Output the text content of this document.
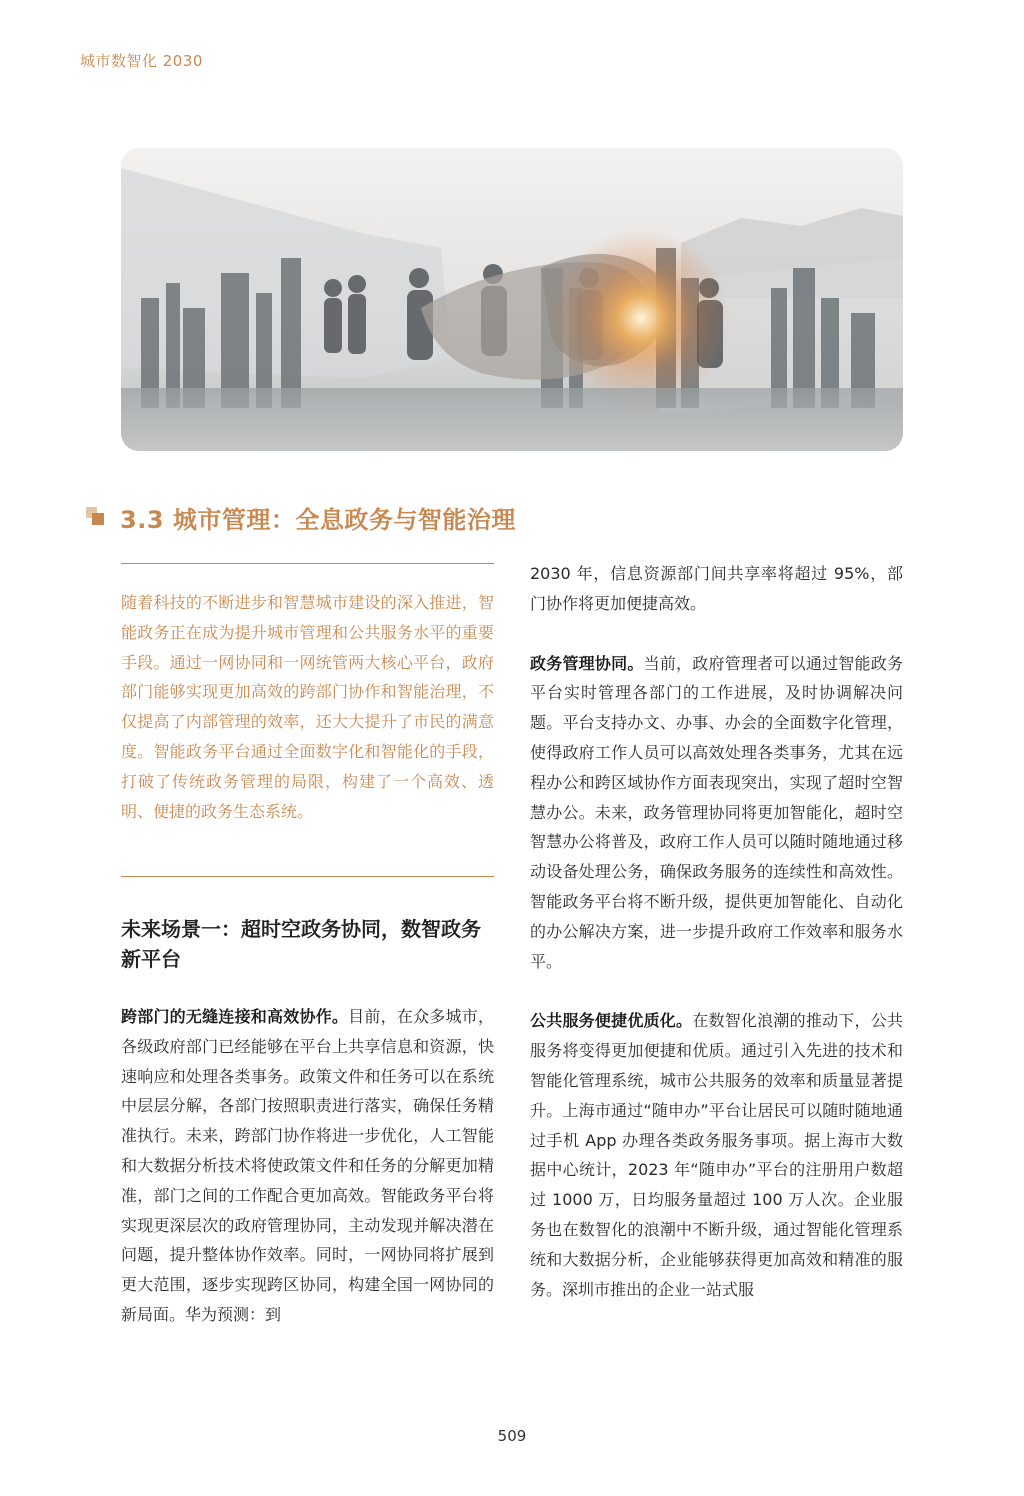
城市数智化 2030
3.3 城市管理：全息政务与智能治理
随着科技的不断进步和智慧城市建设的深入推进，智能政务正在成为提升城市管理和公共服务水平的重要手段。通过一网协同和一网统管两大核心平台，政府部门能够实现更加高效的跨部门协作和智能治理，不仅提高了内部管理的效率，还大大提升了市民的满意度。智能政务平台通过全面数字化和智能化的手段，打破了传统政务管理的局限，构建了一个高效、透明、便捷的政务生态系统。
未来场景一：超时空政务协同，数智政务新平台

跨部门的无缝连接和高效协作。目前，在众多城市，各级政府部门已经能够在平台上共享信息和资源，快速响应和处理各类事务。政策文件和任务可以在系统中层层分解，各部门按照职责进行落实，确保任务精准执行。未来，跨部门协作将进一步优化，人工智能和大数据分析技术将使政策文件和任务的分解更加精准，部门之间的工作配合更加高效。智能政务平台将实现更深层次的政府管理协同，主动发现并解决潜在问题，提升整体协作效率。同时，一网协同将扩展到更大范围，逐步实现跨区协同，构建全国一网协同的新局面。华为预测：到

2030 年，信息资源部门间共享率将超过 95%，部门协作将更加便捷高效。

政务管理协同。当前，政府管理者可以通过智能政务平台实时管理各部门的工作进展，及时协调解决问题。平台支持办文、办事、办会的全面数字化管理，使得政府工作人员可以高效处理各类事务，尤其在远程办公和跨区域协作方面表现突出，实现了超时空智慧办公。未来，政务管理协同将更加智能化，超时空智慧办公将普及，政府工作人员可以随时随地通过移动设备处理公务，确保政务服务的连续性和高效性。智能政务平台将不断升级，提供更加智能化、自动化的办公解决方案，进一步提升政府工作效率和服务水平。

公共服务便捷优质化。在数智化浪潮的推动下，公共服务将变得更加便捷和优质。通过引入先进的技术和智能化管理系统，城市公共服务的效率和质量显著提升。上海市通过“随申办”平台让居民可以随时随地通过手机 App 办理各类政务服务事项。据上海市大数据中心统计，2023 年“随申办”平台的注册用户数超过 1000 万，日均服务量超过 100 万人次。企业服务也在数智化的浪潮中不断升级，通过智能化管理系统和大数据分析，企业能够获得更加高效和精准的服务。深圳市推出的企业一站式服

509
